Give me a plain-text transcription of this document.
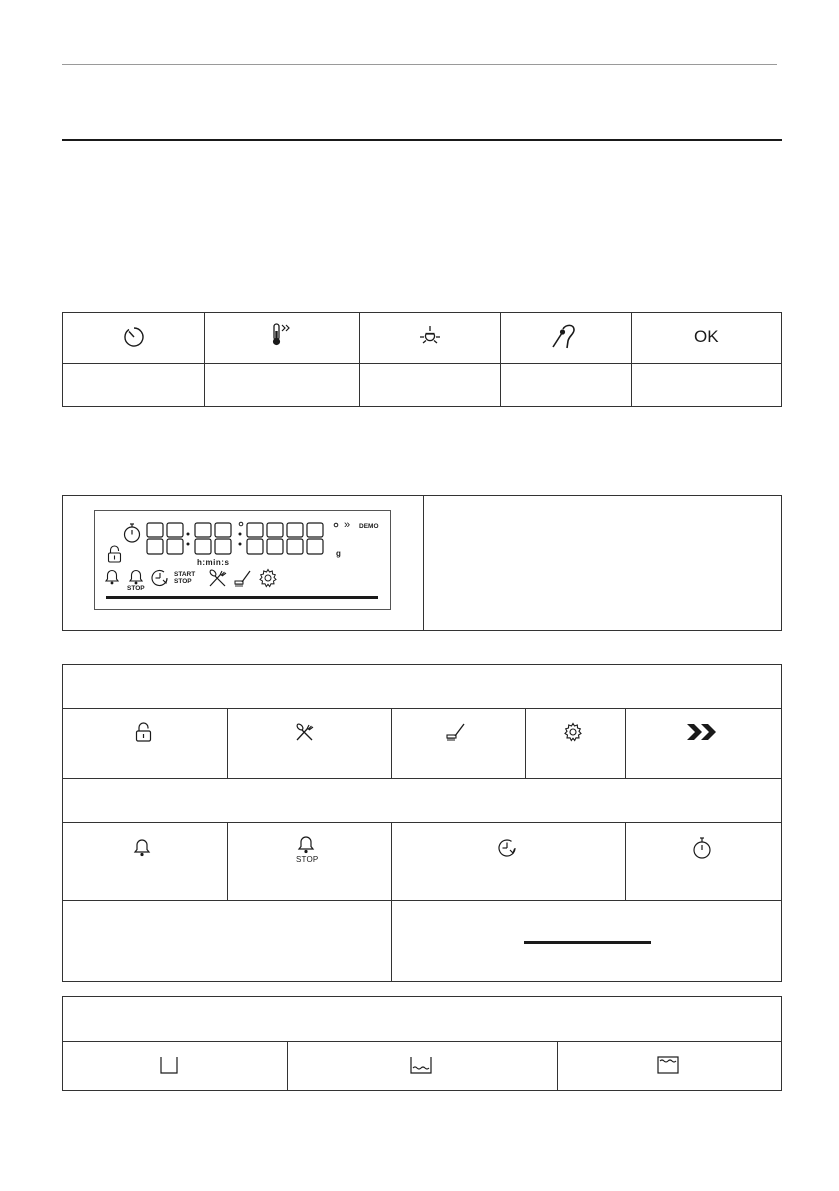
OK
» DEMO
g
h:min:s
STOP
START
STOP
STOP
